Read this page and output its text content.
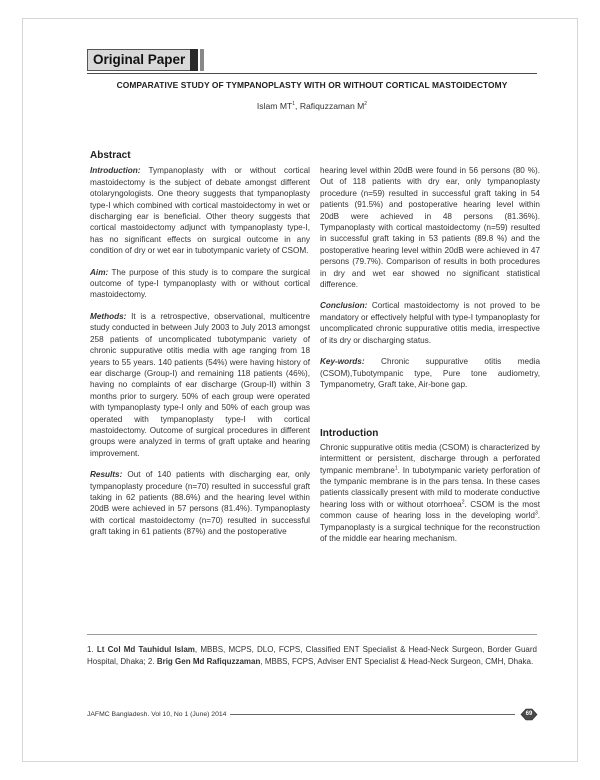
Original Paper
COMPARATIVE STUDY OF TYMPANOPLASTY WITH OR WITHOUT CORTICAL MASTOIDECTOMY
Islam $MT^1$, Rafiquzzaman $M^2$
Abstract

Introduction: Tympanoplasty with or without cortical mastoidectomy is the subject of debate amongst different otolaryngologists. One theory suggests that tympanoplasty type-I which combined with cortical mastoidectomy in wet or discharging ear is beneficial. Other theory suggests that cortical mastoidectomy adjunct with tympanoplasty type-I, has no significant effects on surgical outcome in any condition of dry or wet ear in tubotympanic variety of CSOM.

Aim: The purpose of this study is to compare the surgical outcome of type-I tympanoplasty with or without cortical mastoidectomy.

Methods: It is a retrospective, observational, multicentre study conducted in between July 2003 to July 2013 amongst 258 patients of uncomplicated tubotympanic variety of chronic suppurative otitis media with age ranging from 18 years to 55 years. 140 patients (54%) were having history of ear discharge (Group-I) and remaining 118 patients (46%), having no complaints of ear discharge (Group-II) within 3 months prior to surgery. 50% of each group were operated with tympanoplasty type-I only and 50% of each group was operated with tympanoplasty type-I with cortical mastoidectomy. Outcome of surgical procedures in different groups were analyzed in terms of graft uptake and hearing improvement.

Results: Out of 140 patients with discharging ear, only tympanoplasty procedure (n=70) resulted in successful graft taking in 62 patients (88.6%) and the hearing level within 20dB were achieved in 57 persons (81.4%). Tympanoplasty with cortical mastoidectomy (n=70) resulted in successful graft taking in 61 patients (87%) and the postoperative

hearing level within 20dB were found in 56 persons (80 %). Out of 118 patients with dry ear, only tympanoplasty procedure (n=59) resulted in successful graft taking in 54 patients (91.5%) and postoperative hearing level within 20dB were achieved in 48 persons (81.36%). Tympanoplasty with cortical mastoidectomy (n=59) resulted in successful graft taking in 53 patients (89.8 %) and the postoperative hearing level within 20dB were achieved in 47 persons (79.7%). Comparison of results in both procedures in dry and wet ear showed no significant statistical difference.

Conclusion: Cortical mastoidectomy is not proved to be mandatory or effectively helpful with type-I tympanoplasty for uncomplicated chronic suppurative otitis media, irrespective of its dry or discharging status.

Key-words: Chronic suppurative otitis media (CSOM),Tubotympanic type, Pure tone audiometry, Tympanometry, Graft take, Air-bone gap.

Introduction

Chronic suppurative otitis media (CSOM) is characterized by intermittent or persistent, discharge through a perforated tympanic membrane$^1$. In tubotympanic variety perforation of the tympanic membrane is in the pars tensa. In these cases patients classically present with mild to moderate conductive hearing loss with or without otorrhoea$^2$. CSOM is the most common cause of hearing loss in the developing world$^3$. Tympanoplasty is a surgical technique for the reconstruction of the middle ear hearing mechanism.

1. Lt Col Md Tauhidul Islam, MBBS, MCPS, DLO, FCPS, Classified ENT Specialist & Head-Neck Surgeon, Border Guard Hospital, Dhaka; 2. Brig Gen Md Rafiquzzaman, MBBS, FCPS, Adviser ENT Specialist & Head-Neck Surgeon, CMH, Dhaka.
JAFMC Bangladesh. Vol 10, No 1 (June) 2014	69
